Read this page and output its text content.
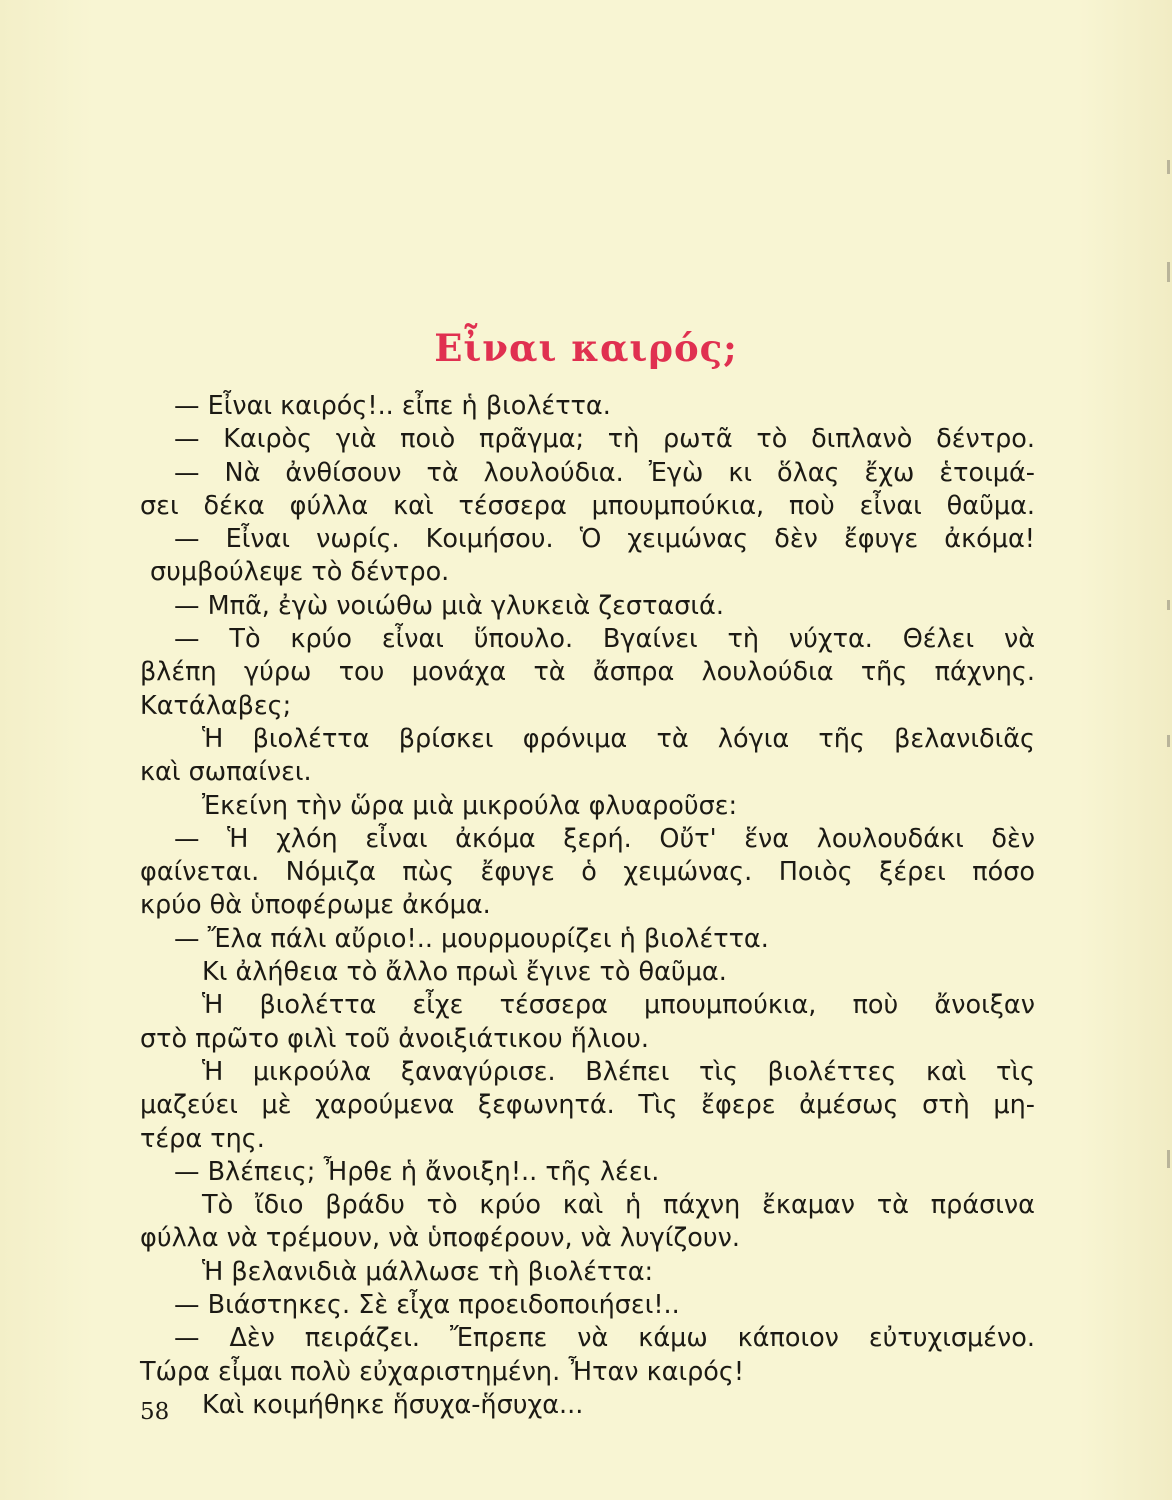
Εἶναι καιρός;
— Εἶναι καιρός!.. εἶπε ἡ βιολέττα.
— Καιρὸς γιὰ ποιὸ πρᾶγμα; τὴ ρωτᾶ τὸ διπλανὸ δέντρο.
— Νὰ ἀνθίσουν τὰ λουλούδια. Ἐγὼ κι ὅλας ἔχω ἑτοιμά-
σει δέκα φύλλα καὶ τέσσερα μπουμπούκια, ποὺ εἶναι θαῦμα.
— Εἶναι νωρίς. Κοιμήσου. Ὁ χειμώνας δὲν ἔφυγε ἀκόμα!
συμβούλεψε τὸ δέντρο.
— Μπᾶ, ἐγὼ νοιώθω μιὰ γλυκειὰ ζεστασιά.
— Τὸ κρύο εἶναι ὕπουλο. Βγαίνει τὴ νύχτα. Θέλει νὰ
βλέπη γύρω του μονάχα τὰ ἄσπρα λουλούδια τῆς πάχνης.
Κατάλαβες;
Ἡ βιολέττα βρίσκει φρόνιμα τὰ λόγια τῆς βελανιδιᾶς
καὶ σωπαίνει.
Ἐκείνη τὴν ὥρα μιὰ μικρούλα φλυαροῦσε:
— Ἡ χλόη εἶναι ἀκόμα ξερή. Οὔτ' ἕνα λουλουδάκι δὲν
φαίνεται. Νόμιζα πὼς ἔφυγε ὁ χειμώνας. Ποιὸς ξέρει πόσο
κρύο θὰ ὑποφέρωμε ἀκόμα.
— Ἔλα πάλι αὔριο!.. μουρμουρίζει ἡ βιολέττα.
Κι ἀλήθεια τὸ ἄλλο πρωὶ ἔγινε τὸ θαῦμα.
Ἡ βιολέττα εἶχε τέσσερα μπουμπούκια, ποὺ ἄνοιξαν
στὸ πρῶτο φιλὶ τοῦ ἀνοιξιάτικου ἥλιου.
Ἡ μικρούλα ξαναγύρισε. Βλέπει τὶς βιολέττες καὶ τὶς
μαζεύει μὲ χαρούμενα ξεφωνητά. Τὶς ἔφερε ἀμέσως στὴ μη-
τέρα της.
— Βλέπεις; Ἦρθε ἡ ἄνοιξη!.. τῆς λέει.
Τὸ ἴδιο βράδυ τὸ κρύο καὶ ἡ πάχνη ἔκαμαν τὰ πράσινα
φύλλα νὰ τρέμουν, νὰ ὑποφέρουν, νὰ λυγίζουν.
Ἡ βελανιδιὰ μάλλωσε τὴ βιολέττα:
— Βιάστηκες. Σὲ εἶχα προειδοποιήσει!..
— Δὲν πειράζει. Ἔπρεπε νὰ κάμω κάποιον εὐτυχισμένο.
Τώρα εἶμαι πολὺ εὐχαριστημένη. Ἦταν καιρός!
Καὶ κοιμήθηκε ἥσυχα-ἥσυχα...
58
